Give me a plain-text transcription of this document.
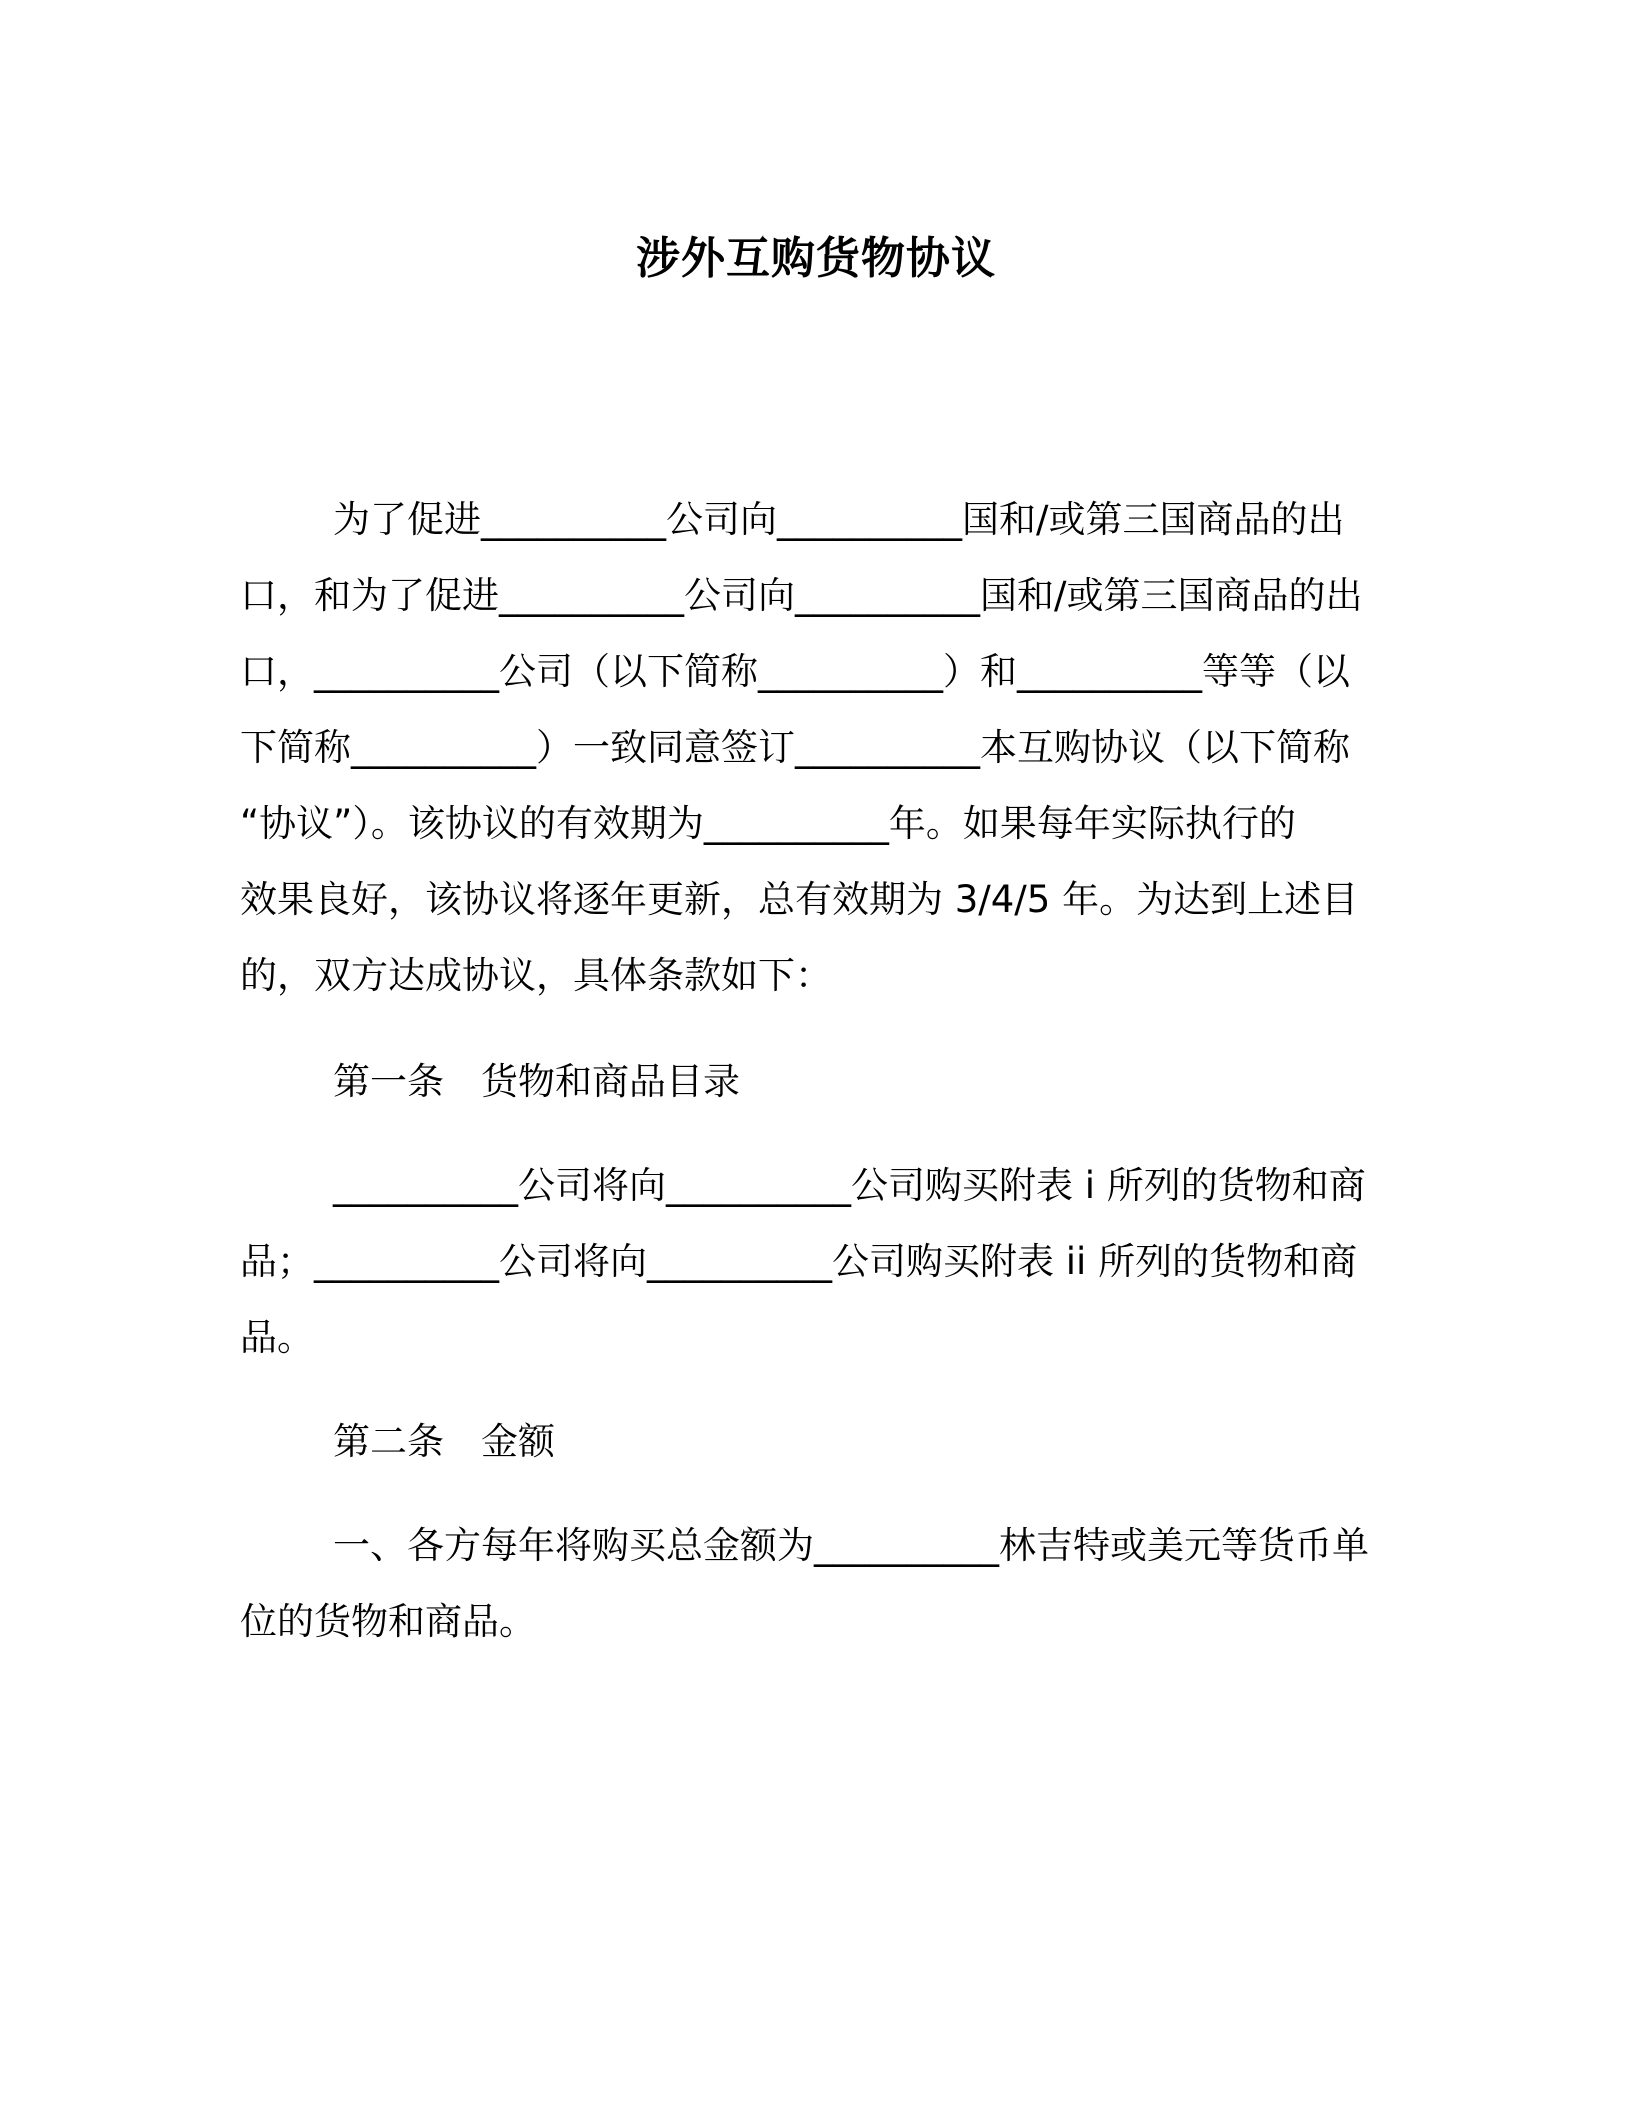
涉外互购货物协议

为了促进__________公司向__________国和/或第三国商品的出

口，和为了促进__________公司向__________国和/或第三国商品的出

口，__________公司（以下简称__________）和__________等等（以

下简称__________）一致同意签订__________本互购协议（以下简称

“协议”）。该协议的有效期为__________年。如果每年实际执行的

效果良好，该协议将逐年更新，总有效期为 3/4/5 年。为达到上述目

的，双方达成协议，具体条款如下：

第一条　货物和商品目录

__________公司将向__________公司购买附表 i 所列的货物和商

品；__________公司将向__________公司购买附表 ii 所列的货物和商

品。

第二条　金额

一、各方每年将购买总金额为__________林吉特或美元等货币单

位的货物和商品。
